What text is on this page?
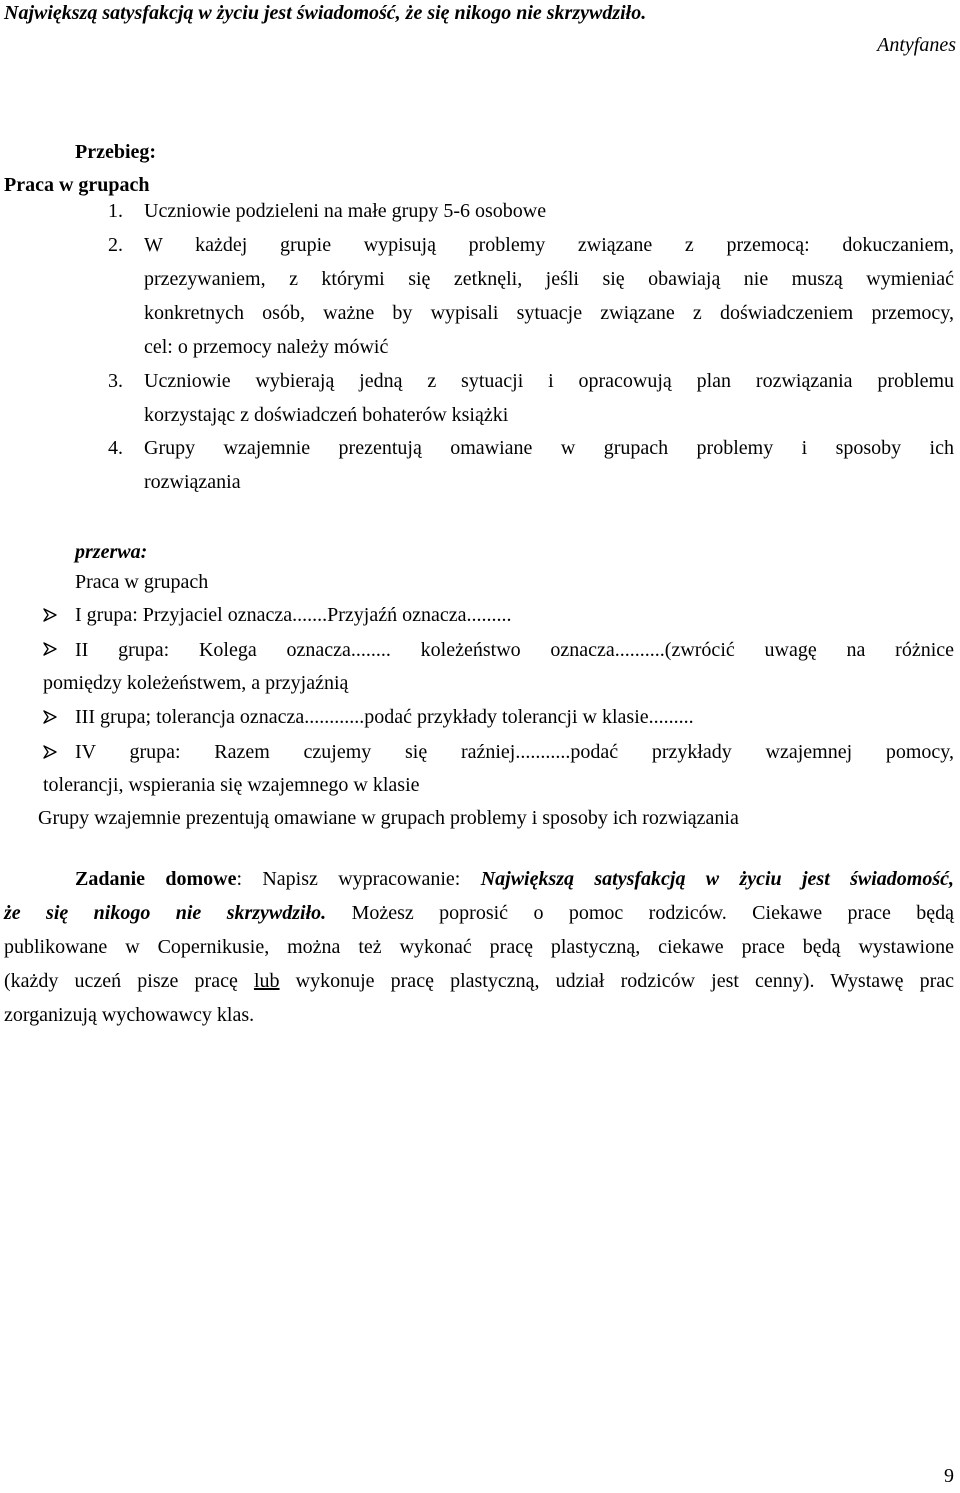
Największą satysfakcją w życiu jest świadomość, że się nikogo nie skrzywdziło.
Antyfanes
Przebieg:
Praca w grupach
1. Uczniowie podzieleni na małe grupy 5-6 osobowe
2. W każdej grupie wypisują problemy związane z przemocą: dokuczaniem,
przezywaniem, z którymi się zetknęli, jeśli się obawiają nie muszą wymieniać
konkretnych osób, ważne by wypisali sytuacje związane z doświadczeniem przemocy,
cel: o przemocy należy mówić
3. Uczniowie wybierają jedną z sytuacji i opracowują plan rozwiązania problemu
korzystając z doświadczeń bohaterów książki
4. Grupy wzajemnie prezentują omawiane w grupach problemy i sposoby ich
rozwiązania
przerwa:
Praca w grupach
I grupa: Przyjaciel oznacza.......Przyjaźń oznacza.........
II grupa: Kolega oznacza........ koleżeństwo oznacza..........(zwrócić uwagę na różnice
pomiędzy koleżeństwem, a przyjaźnią
III grupa; tolerancja oznacza............podać przykłady tolerancji w klasie.........
IV grupa: Razem czujemy się raźniej...........podać przykłady wzajemnej pomocy,
tolerancji, wspierania się wzajemnego w klasie
Grupy wzajemnie prezentują omawiane w grupach problemy i sposoby ich rozwiązania
Zadanie domowe: Napisz wypracowanie: Największą satysfakcją w życiu jest świadomość,
że się nikogo nie skrzywdziło. Możesz poprosić o pomoc rodziców. Ciekawe prace będą
publikowane w Copernikusie, można też wykonać pracę plastyczną, ciekawe prace będą wystawione
(każdy uczeń pisze pracę lub wykonuje pracę plastyczną, udział rodziców jest cenny). Wystawę prac
zorganizują wychowawcy klas.
9
